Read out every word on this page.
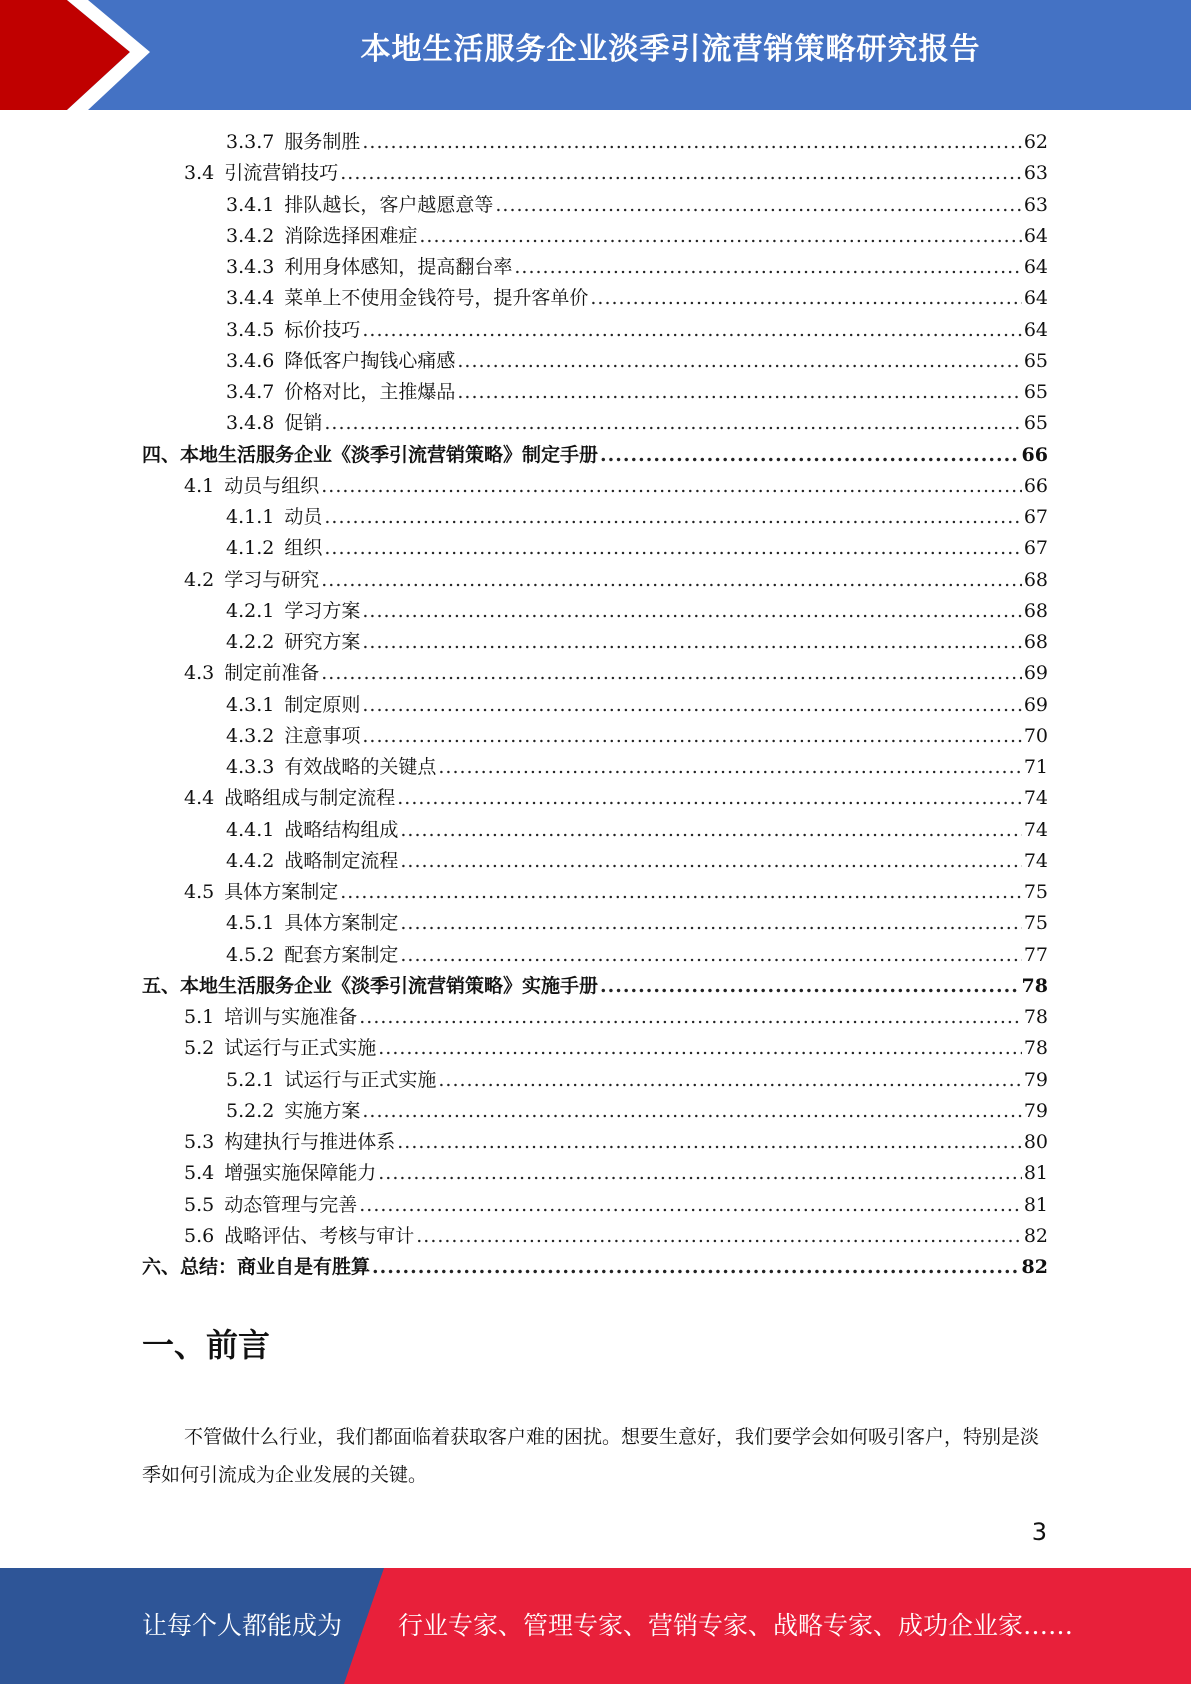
本地生活服务企业淡季引流营销策略研究报告
3.3.7 服务制胜 .....	62
3.4 引流营销技巧 .....	63
3.4.1 排队越长，客户越愿意等 .....	63
3.4.2 消除选择困难症 .....	64
3.4.3 利用身体感知，提高翻台率 .....	64
3.4.4 菜单上不使用金钱符号，提升客单价 .....	64
3.4.5 标价技巧 .....	64
3.4.6 降低客户掏钱心痛感 .....	65
3.4.7 价格对比，主推爆品 .....	65
3.4.8 促销 .....	65
四、本地生活服务企业《淡季引流营销策略》制定手册 .....	66
4.1 动员与组织 .....	66
4.1.1 动员 .....	67
4.1.2 组织 .....	67
4.2 学习与研究 .....	68
4.2.1 学习方案 .....	68
4.2.2 研究方案 .....	68
4.3 制定前准备 .....	69
4.3.1 制定原则 .....	69
4.3.2 注意事项 .....	70
4.3.3 有效战略的关键点 .....	71
4.4 战略组成与制定流程 .....	74
4.4.1 战略结构组成 .....	74
4.4.2 战略制定流程 .....	74
4.5 具体方案制定 .....	75
4.5.1 具体方案制定 .....	75
4.5.2 配套方案制定 .....	77
五、本地生活服务企业《淡季引流营销策略》实施手册 .....	78
5.1 培训与实施准备 .....	78
5.2 试运行与正式实施 .....	78
5.2.1 试运行与正式实施 .....	79
5.2.2 实施方案 .....	79
5.3 构建执行与推进体系 .....	80
5.4 增强实施保障能力 .....	81
5.5 动态管理与完善 .....	81
5.6 战略评估、考核与审计 .....	82
六、总结：商业自是有胜算 .....	82
一、前言

不管做什么行业，我们都面临着获取客户难的困扰。想要生意好，我们要学会如何吸引客户，特别是淡季如何引流成为企业发展的关键。

3
让每个人都能成为 行业专家、管理专家、营销专家、战略专家、成功企业家……
